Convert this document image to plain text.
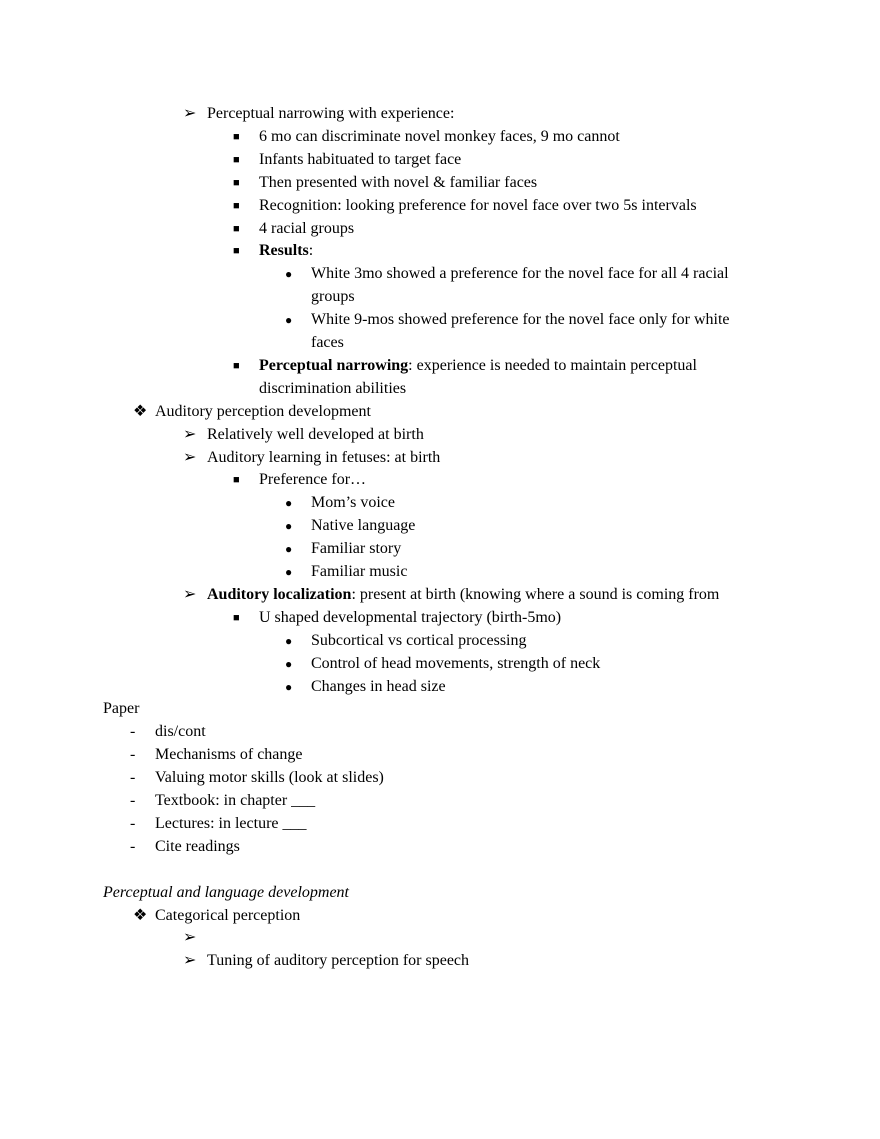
➢ Perceptual narrowing with experience:
■ 6 mo can discriminate novel monkey faces, 9 mo cannot
■ Infants habituated to target face
■ Then presented with novel & familiar faces
■ Recognition: looking preference for novel face over two 5s intervals
■ 4 racial groups
■ Results:
● White 3mo showed a preference for the novel face for all 4 racial
groups
● White 9-mos showed preference for the novel face only for white
faces
■ Perceptual narrowing: experience is needed to maintain perceptual
discrimination abilities
❖ Auditory perception development
➢ Relatively well developed at birth
➢ Auditory learning in fetuses: at birth
■ Preference for…
● Mom’s voice
● Native language
● Familiar story
● Familiar music
➢ Auditory localization: present at birth (knowing where a sound is coming from
■ U shaped developmental trajectory (birth-5mo)
● Subcortical vs cortical processing
● Control of head movements, strength of neck
● Changes in head size
Paper
- dis/cont
- Mechanisms of change
- Valuing motor skills (look at slides)
- Textbook: in chapter ___
- Lectures: in lecture ___
- Cite readings
Perceptual and language development
❖ Categorical perception
➢
➢ Tuning of auditory perception for speech
